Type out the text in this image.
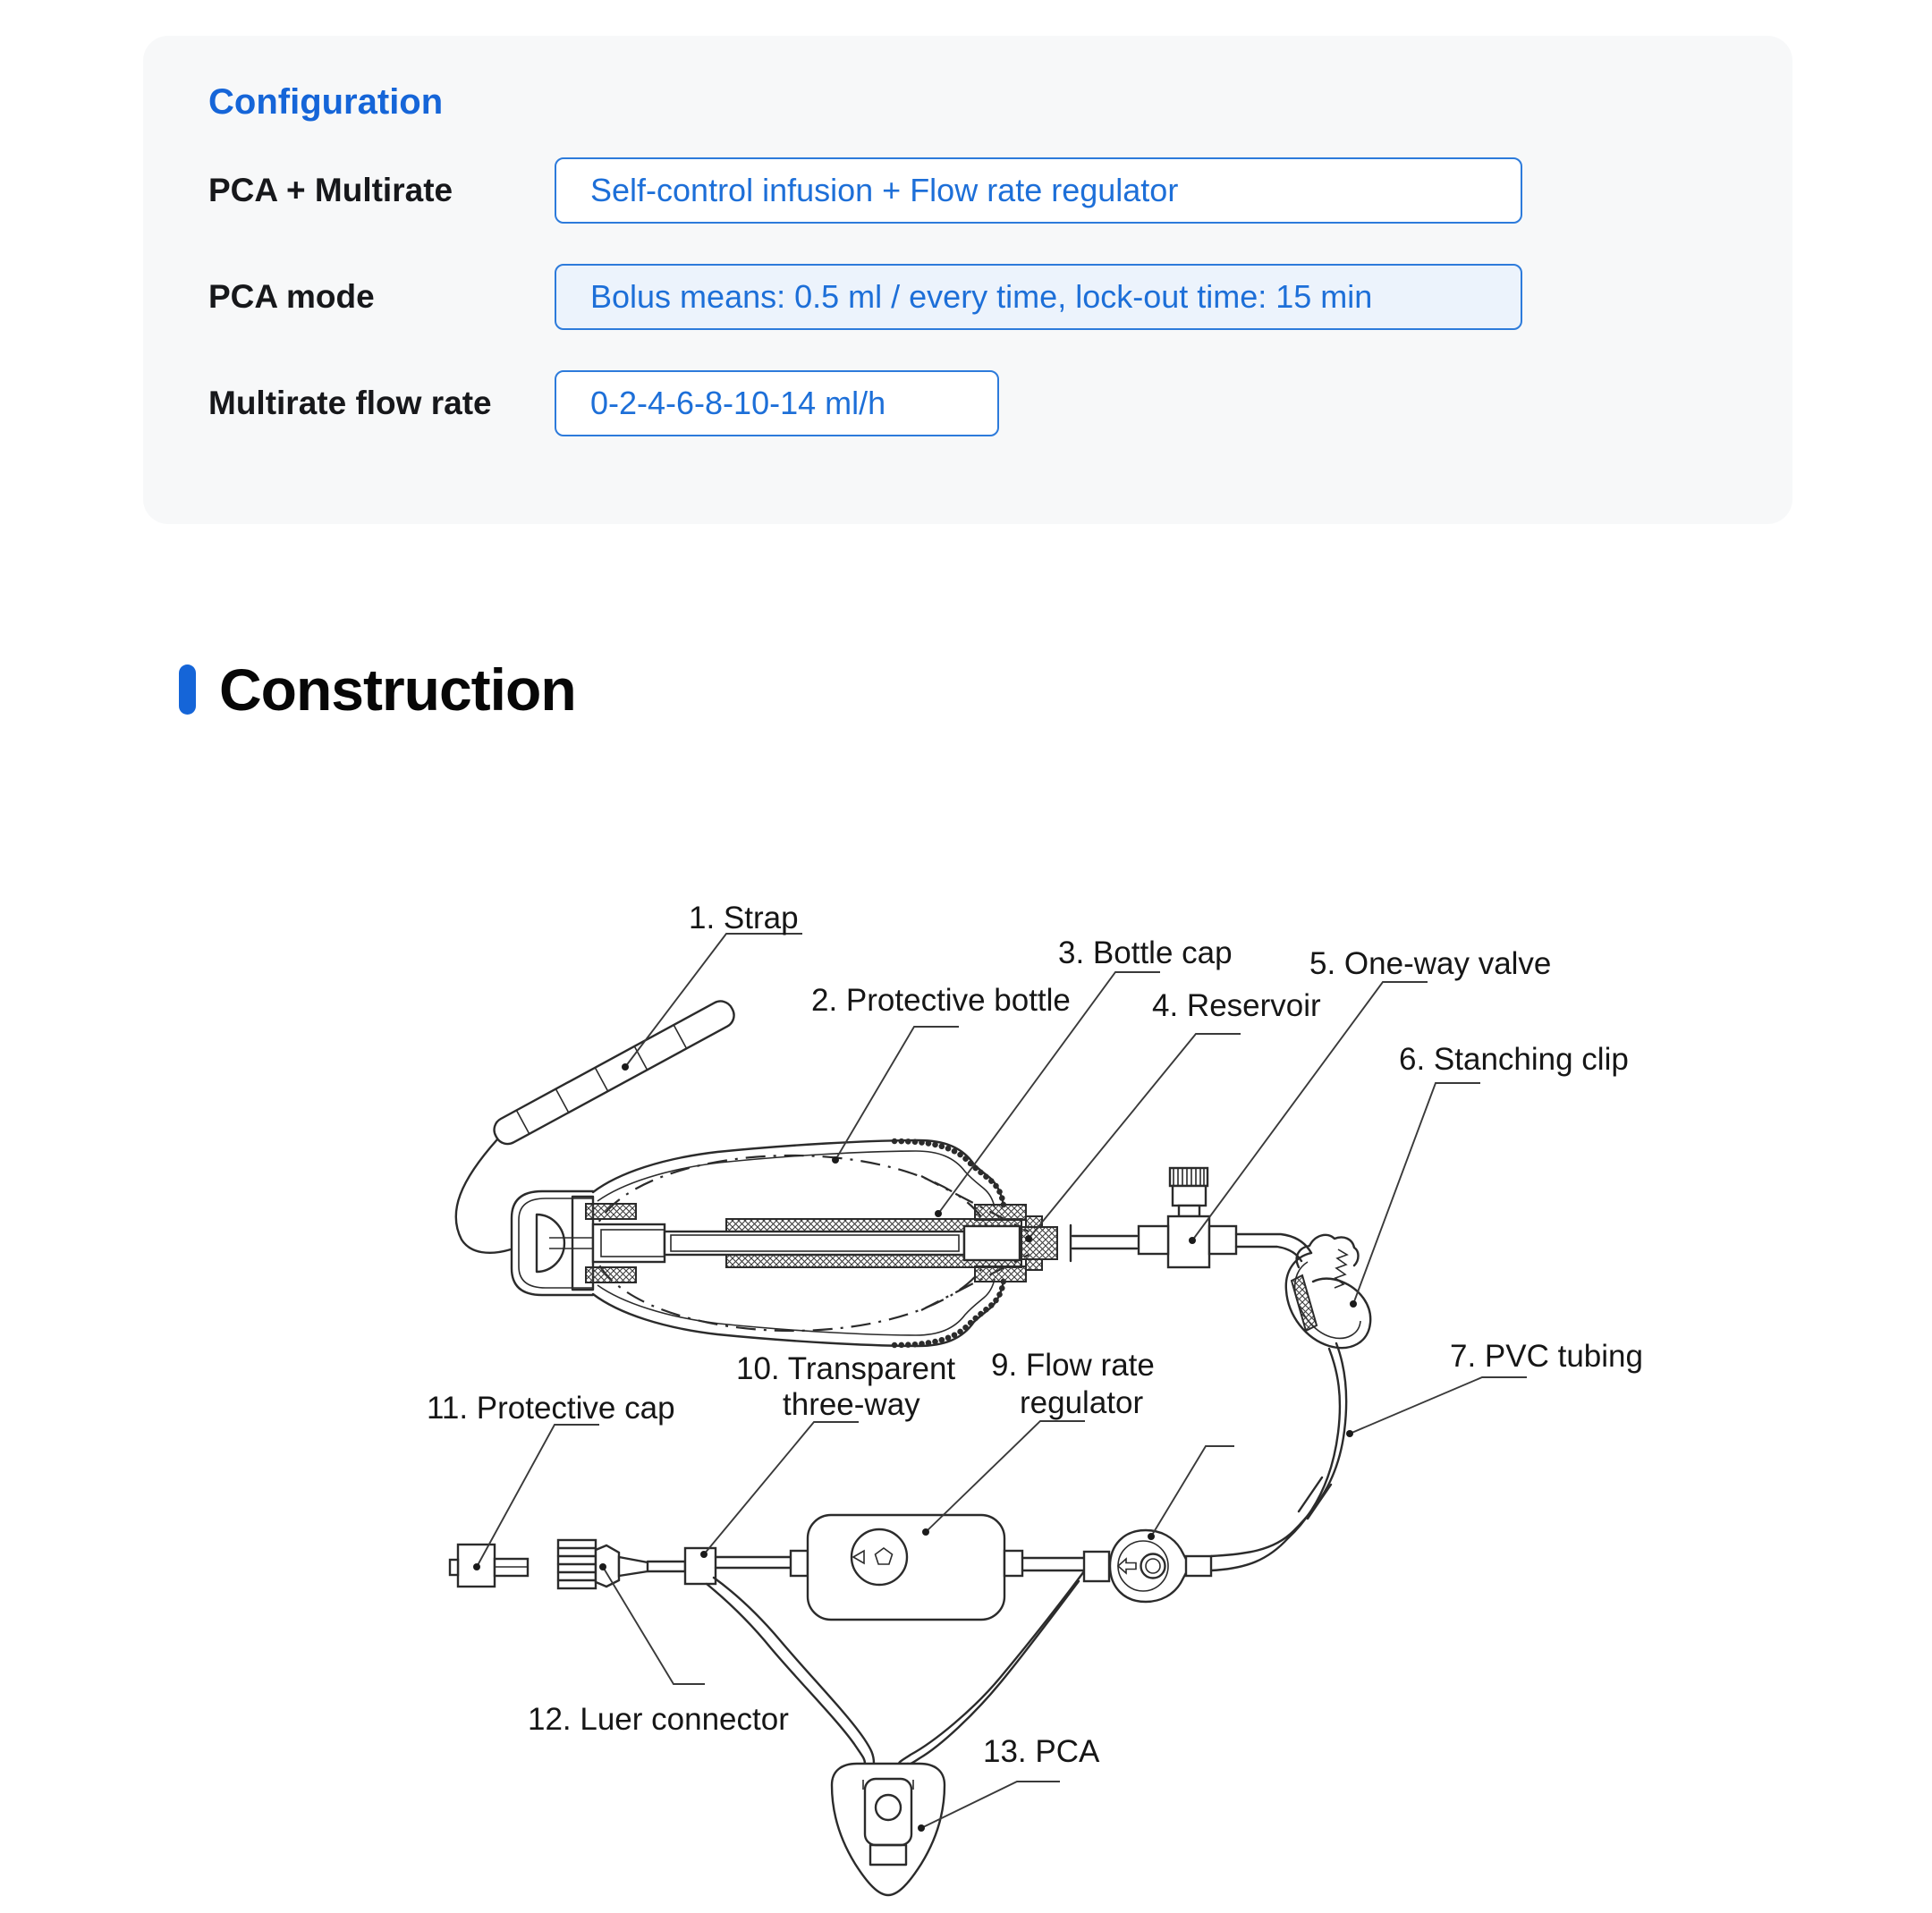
Configuration
PCA + Multirate	Self-control infusion + Flow rate regulator
PCA mode	Bolus means: 0.5 ml / every time, lock-out time: 15 min
Multirate flow rate	0-2-4-6-8-10-14 ml/h
Construction
1. Strap
2. Protective bottle
3. Bottle cap
4. Reservoir
5. One-way valve
6. Stanching clip
7. PVC tubing
9. Flow rate
regulator
10. Transparent
three-way
11. Protective cap
12. Luer connector
13. PCA
